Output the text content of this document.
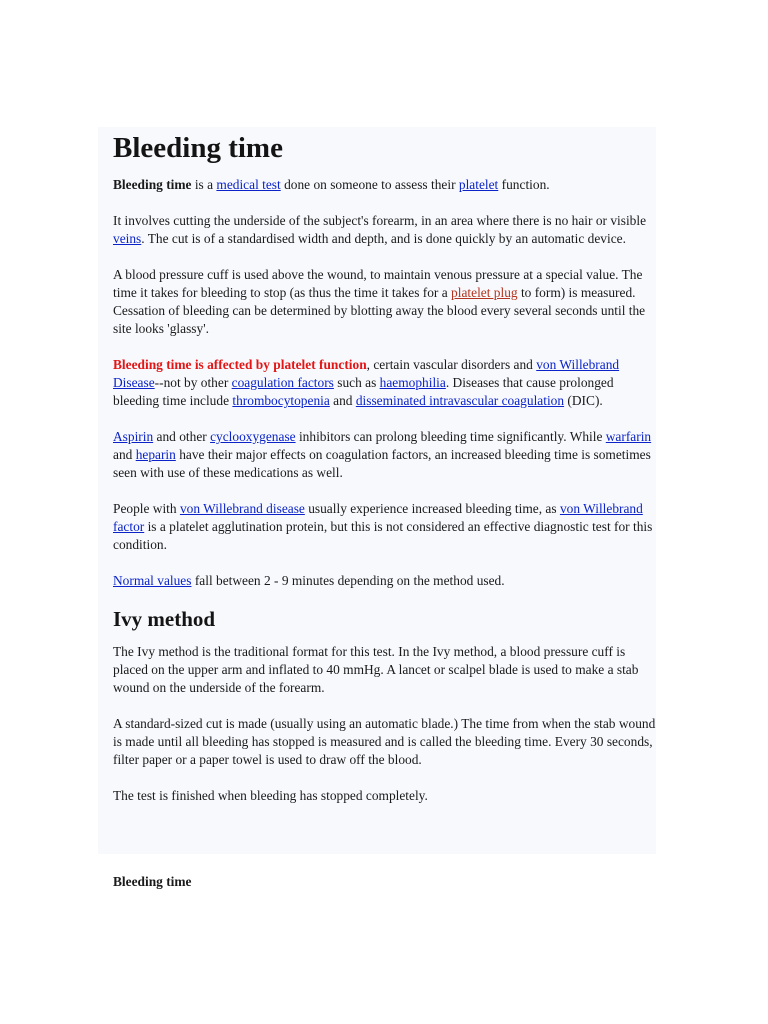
Bleeding time

Bleeding time is a medical test done on someone to assess their platelet function.

It involves cutting the underside of the subject's forearm, in an area where there is no hair or visible veins. The cut is of a standardised width and depth, and is done quickly by an automatic device.

A blood pressure cuff is used above the wound, to maintain venous pressure at a special value. The time it takes for bleeding to stop (as thus the time it takes for a platelet plug to form) is measured. Cessation of bleeding can be determined by blotting away the blood every several seconds until the site looks 'glassy'.

Bleeding time is affected by platelet function, certain vascular disorders and von Willebrand Disease--not by other coagulation factors such as haemophilia. Diseases that cause prolonged bleeding time include thrombocytopenia and disseminated intravascular coagulation (DIC).

Aspirin and other cyclooxygenase inhibitors can prolong bleeding time significantly. While warfarin and heparin have their major effects on coagulation factors, an increased bleeding time is sometimes seen with use of these medications as well.

People with von Willebrand disease usually experience increased bleeding time, as von Willebrand factor is a platelet agglutination protein, but this is not considered an effective diagnostic test for this condition.

Normal values fall between 2 - 9 minutes depending on the method used.

Ivy method

The Ivy method is the traditional format for this test. In the Ivy method, a blood pressure cuff is placed on the upper arm and inflated to 40 mmHg. A lancet or scalpel blade is used to make a stab wound on the underside of the forearm.

A standard-sized cut is made (usually using an automatic blade.) The time from when the stab wound is made until all bleeding has stopped is measured and is called the bleeding time. Every 30 seconds, filter paper or a paper towel is used to draw off the blood.

The test is finished when bleeding has stopped completely.

Bleeding time
